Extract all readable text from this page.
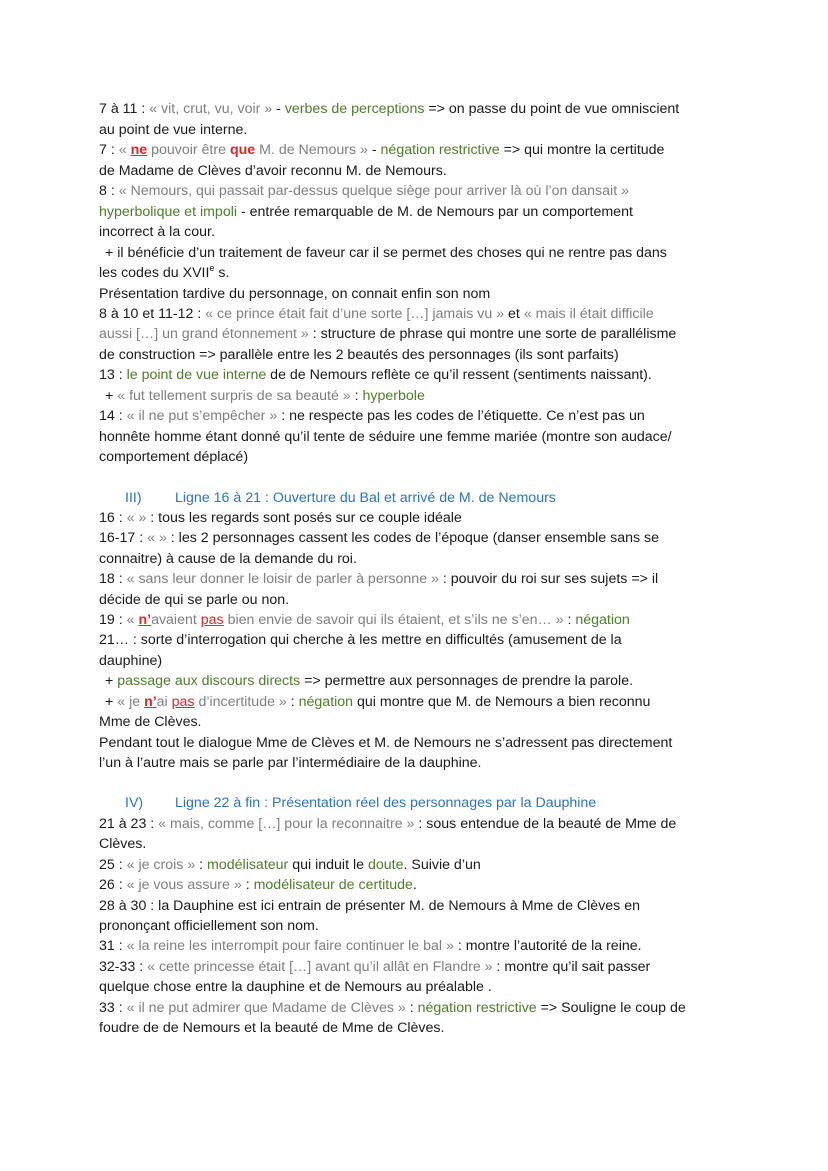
7 à 11 : « vit, crut, vu, voir » - verbes de perceptions => on passe du point de vue omniscient
au point de vue interne.
7 : « ne pouvoir être que M. de Nemours » - négation restrictive => qui montre la certitude
de Madame de Clèves d’avoir reconnu M. de Nemours.
8 : « Nemours, qui passait par-dessus quelque siège pour arriver là où l’on dansait »
hyperbolique et impoli - entrée remarquable de M. de Nemours par un comportement
incorrect à la cour.
+ il bénéficie d’un traitement de faveur car il se permet des choses qui ne rentre pas dans
les codes du XVIIe s.
Présentation tardive du personnage, on connait enfin son nom
8 à 10 et 11-12 : « ce prince était fait d’une sorte […] jamais vu » et « mais il était difficile
aussi […] un grand étonnement » : structure de phrase qui montre une sorte de parallélisme
de construction => parallèle entre les 2 beautés des personnages (ils sont parfaits)
13 : le point de vue interne de de Nemours reflète ce qu’il ressent (sentiments naissant).
+ « fut tellement surpris de sa beauté » : hyperbole
14 : « il ne put s’empêcher » : ne respecte pas les codes de l’étiquette. Ce n’est pas un
honnête homme étant donné qu’il tente de séduire une femme mariée (montre son audace/
comportement déplacé)
III) Ligne 16 à 21 : Ouverture du Bal et arrivé de M. de Nemours
16 : « » : tous les regards sont posés sur ce couple idéale
16-17 : « » : les 2 personnages cassent les codes de l’époque (danser ensemble sans se
connaitre) à cause de la demande du roi.
18 : « sans leur donner le loisir de parler à personne » : pouvoir du roi sur ses sujets => il
décide de qui se parle ou non.
19 : « n’avaient pas bien envie de savoir qui ils étaient, et s’ils ne s’en… » : négation
21… : sorte d’interrogation qui cherche à les mettre en difficultés (amusement de la
dauphine)
+ passage aux discours directs => permettre aux personnages de prendre la parole.
+ « je n’ai pas d’incertitude » : négation qui montre que M. de Nemours a bien reconnu
Mme de Clèves.
Pendant tout le dialogue Mme de Clèves et M. de Nemours ne s’adressent pas directement
l’un à l’autre mais se parle par l’intermédiaire de la dauphine.
IV) Ligne 22 à fin : Présentation réel des personnages par la Dauphine
21 à 23 : « mais, comme […] pour la reconnaitre » : sous entendue de la beauté de Mme de
Clèves.
25 : « je crois » : modélisateur qui induit le doute. Suivie d’un
26 : « je vous assure » : modélisateur de certitude.
28 à 30 : la Dauphine est ici entrain de présenter M. de Nemours à Mme de Clèves en
prononçant officiellement son nom.
31 : « la reine les interrompit pour faire continuer le bal » : montre l’autorité de la reine.
32-33 : « cette princesse était […] avant qu’il allât en Flandre » : montre qu’il sait passer
quelque chose entre la dauphine et de Nemours au préalable .
33 : « il ne put admirer que Madame de Clèves » : négation restrictive => Souligne le coup de
foudre de de Nemours et la beauté de Mme de Clèves.
